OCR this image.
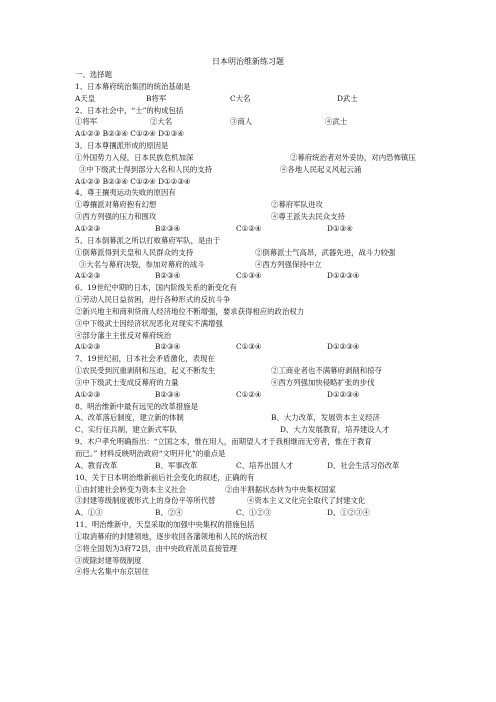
日本明治维新练习题
一、选择题
1、日本幕府统治集团的统治基础是
A天皇	B将军	C大名	D武士
2、日本社会中，“士”的构成包括
①将军	②大名	③商人	④武士
A①②③ B②③④ C①②④ D①③④
3、日本尊攘派形成的原因是
①外国势力入侵，日本民族危机加深	②幕府统治者对外妥协，对内恐怖镇压
③中下级武士得到部分大名和人民的支持	④各地人民起义风起云涌
A①②③ B②③④ C①②④ D①②③④
4、尊王攘夷运动失败的原因有
①尊攘派对幕府抱有幻想	②幕府军队进攻
③西方列强的压力和围攻	④尊王派失去民众支持
A①②③	B②③④	C①②④	D①③④
5、日本倒幕派之所以打败幕府军队，是由于
①倒幕派得到天皇和人民群众的支持	②倒幕派士气高昂，武器先进，战斗力较强
③大名与幕府决裂，参加对幕府的战斗	④西方列强保持中立
A①②③	B②③④	C①③④	D①②③④
6、19世纪中期的日本，国内阶级关系的新变化有
①劳动人民日益贫困，进行各种形式的反抗斗争
②新兴地主和商利贷商人经济地位不断增强，要求获得相应的政治权力
③中下级武士因经济状况恶化对现实不满增强
④部分藩主主张反对幕府统治
A①②③	B②③④	C①③④	D①②③④
7、19世纪初，日本社会矛盾激化，表现在
①农民受到沉重剥削和压迫，起义不断发生	②工商业者也不满幕府剥削和掠夺
③中下级武士变成反幕府的力量	④西方列强加快侵略扩张的步伐
A①②③	B②③④	C①②④	D①②③④
8、明治维新中最有远见的改革措施是
A、改革落后制度，建立新的体制	B、大力改革，发展资本主义经济
C、实行征兵制，建立新式军队	D、大力发展教育，培养建设人才
9、木户孝允明确指出：“立国之本，惟在用人，而期望人才于我相继而无穷者，惟在于教育
而已。” 材料反映明治政府“文明开化”的重点是
A、教育改革	B、军事改革	C、培养出国人才	D、社会生活习俗改革
10、关于日本明治维新前后社会变化的叙述，正确的有
①由封建社会转变为资本主义社会	②由半割据状态转为中央集权国家
③封建等级制度被形式上的身份平等所代替	④资本主义文化完全取代了封建文化
A、①③	B、②④	C、①②③	D、①②③④
11、明治维新中，天皇采取的加强中央集权的措施包括
①取消幕府的封建领地，逐步收回各藩领地和人民的统治权
②将全国划为3府72县，由中央政府派员直接管理
③废除封建等级制度
④将大名集中东京居住
